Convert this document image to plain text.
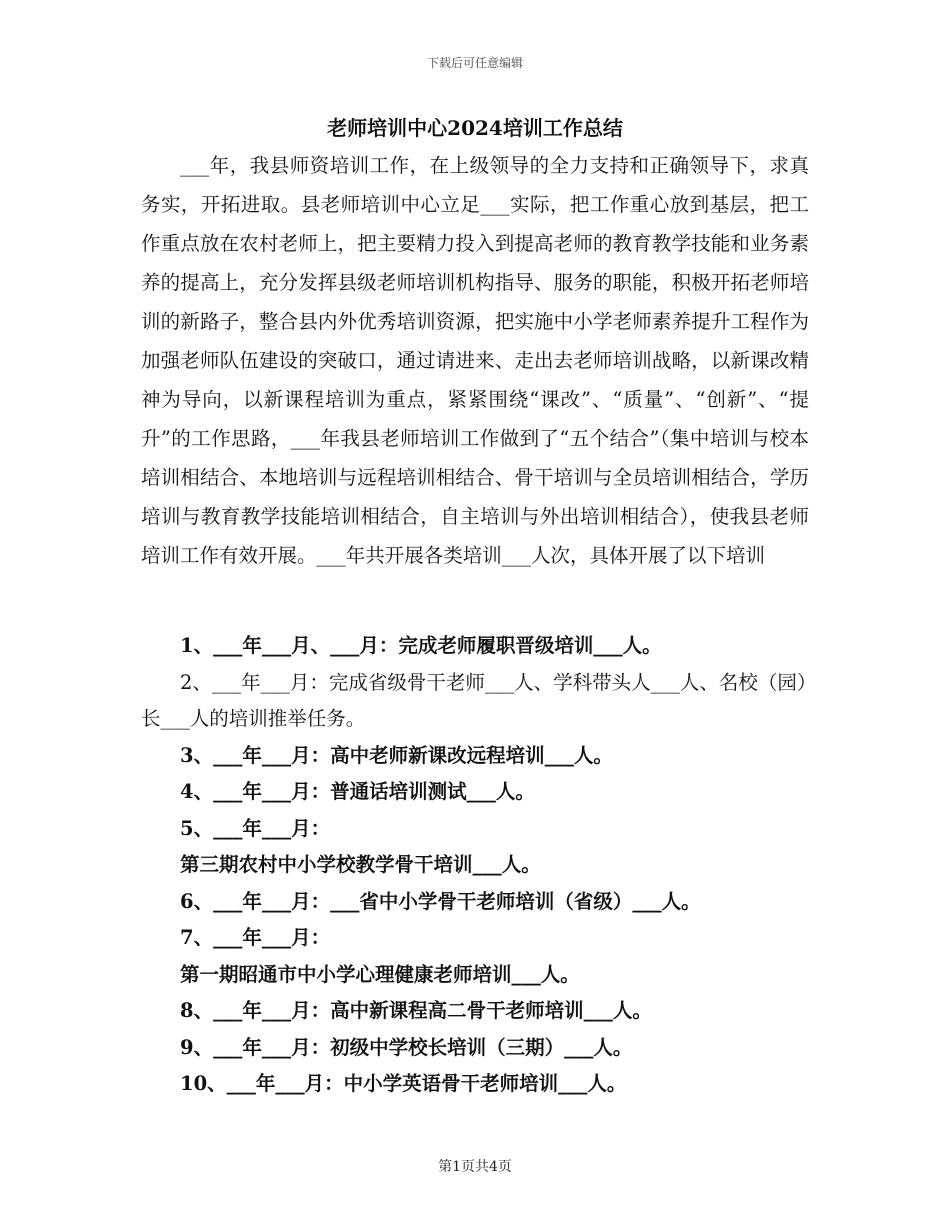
下载后可任意编辑
老师培训中心2024培训工作总结

___年，我县师资培训工作，在上级领导的全力支持和正确领导下，求真务实，开拓进取。县老师培训中心立足___实际，把工作重心放到基层，把工作重点放在农村老师上，把主要精力投入到提高老师的教育教学技能和业务素养的提高上，充分发挥县级老师培训机构指导、服务的职能，积极开拓老师培训的新路子，整合县内外优秀培训资源，把实施中小学老师素养提升工程作为加强老师队伍建设的突破口，通过请进来、走出去老师培训战略，以新课改精神为导向，以新课程培训为重点，紧紧围绕“课改”、“质量”、“创新”、“提升”的工作思路，___年我县老师培训工作做到了“五个结合”（集中培训与校本培训相结合、本地培训与远程培训相结合、骨干培训与全员培训相结合，学历培训与教育教学技能培训相结合，自主培训与外出培训相结合），使我县老师培训工作有效开展。___年共开展各类培训___人次，具体开展了以下培训

1、___年___月、___月：完成老师履职晋级培训___人。
2、___年___月：完成省级骨干老师___人、学科带头人___人、名校（园）长___人的培训推举任务。
3、___年___月：高中老师新课改远程培训___人。
4、___年___月：普通话培训测试___人。
5、___年___月：
第三期农村中小学校教学骨干培训___人。
6、___年___月：___省中小学骨干老师培训（省级）___人。
7、___年___月：
第一期昭通市中小学心理健康老师培训___人。
8、___年___月：高中新课程高二骨干老师培训___人。
9、___年___月：初级中学校长培训（三期）___人。
10、___年___月：中小学英语骨干老师培训___人。
第1页共4页
